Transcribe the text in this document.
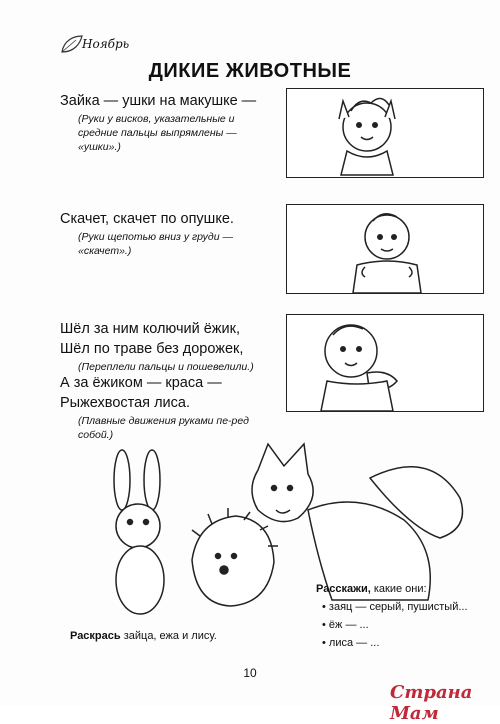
Ноябрь
ДИКИЕ ЖИВОТНЫЕ
Зайка — ушки на макушке —
(Руки у висков, указательные и средние пальцы выпрямлены — «ушки».)
Скачет, скачет по опушке.
(Руки щепотью вниз у груди — «скачет».)
Шёл за ним колючий ёжик,
Шёл по траве без дорожек,
(Переплели пальцы и пошевелили.)
А за ёжиком — краса —
Рыжехвостая лиса.
(Плавные движения руками пе-ред собой.)
Расскажи, какие они:
• заяц — серый, пушистый...
• ёж — ...
• лиса — ...
Раскрась зайца, ежа и лису.
10
Страна Мам
